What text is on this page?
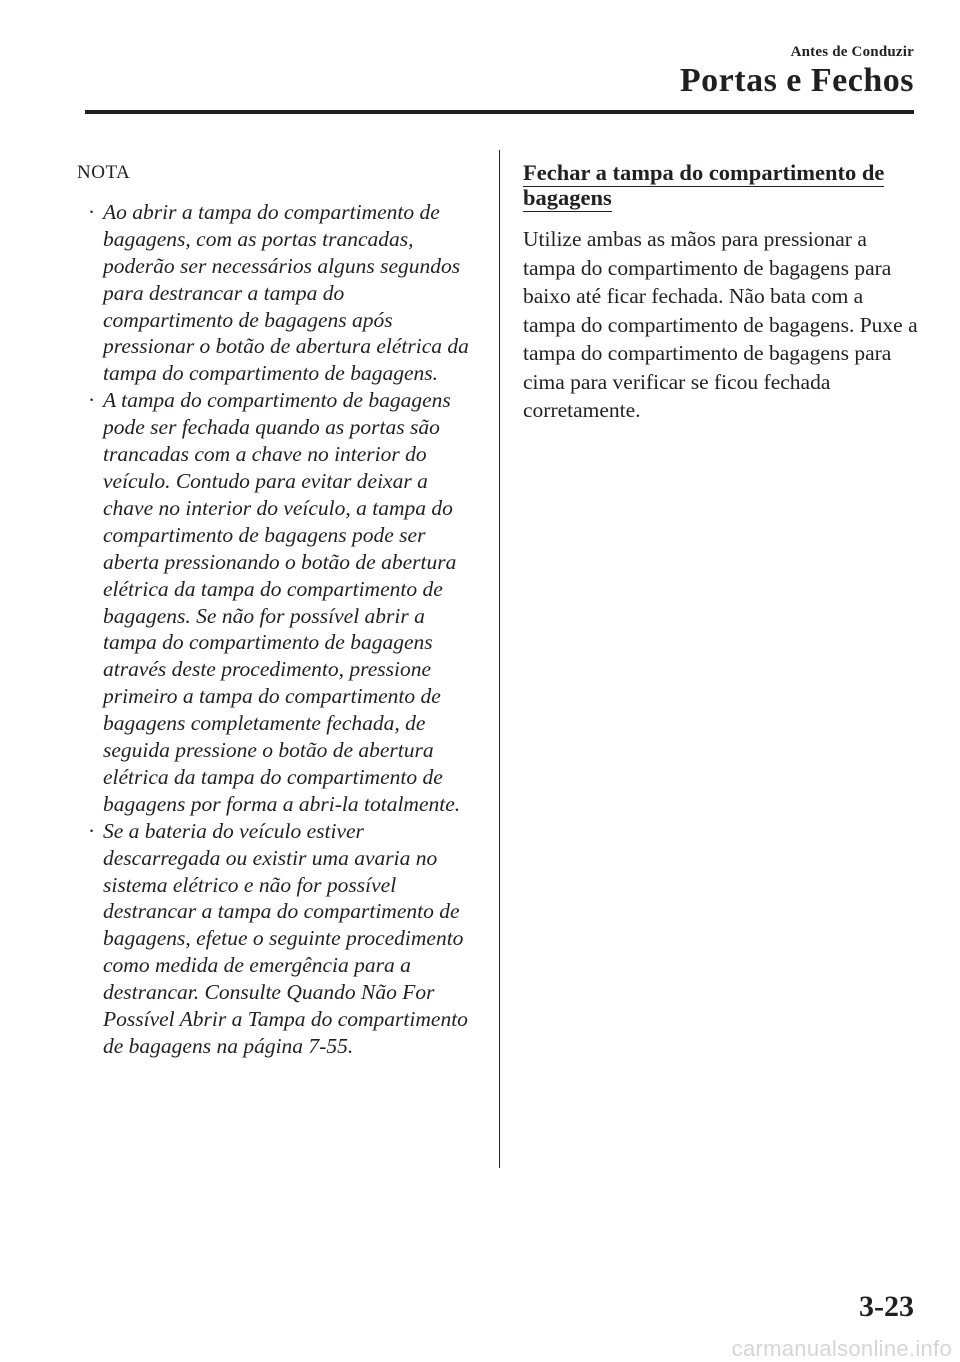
Antes de Conduzir
Portas e Fechos
NOTA
· Ao abrir a tampa do compartimento de bagagens, com as portas trancadas, poderão ser necessários alguns segundos para destrancar a tampa do compartimento de bagagens após pressionar o botão de abertura elétrica da tampa do compartimento de bagagens.
· A tampa do compartimento de bagagens pode ser fechada quando as portas são trancadas com a chave no interior do veículo. Contudo para evitar deixar a chave no interior do veículo, a tampa do compartimento de bagagens pode ser aberta pressionando o botão de abertura elétrica da tampa do compartimento de bagagens. Se não for possível abrir a tampa do compartimento de bagagens através deste procedimento, pressione primeiro a tampa do compartimento de bagagens completamente fechada, de seguida pressione o botão de abertura elétrica da tampa do compartimento de bagagens por forma a abri-la totalmente.
· Se a bateria do veículo estiver descarregada ou existir uma avaria no sistema elétrico e não for possível destrancar a tampa do compartimento de bagagens, efetue o seguinte procedimento como medida de emergência para a destrancar. Consulte Quando Não For Possível Abrir a Tampa do compartimento de bagagens na página 7-55.
Fechar a tampa do compartimento de bagagens

Utilize ambas as mãos para pressionar a tampa do compartimento de bagagens para baixo até ficar fechada. Não bata com a tampa do compartimento de bagagens. Puxe a tampa do compartimento de bagagens para cima para verificar se ficou fechada corretamente.

3-23
carmanualsonline.info
